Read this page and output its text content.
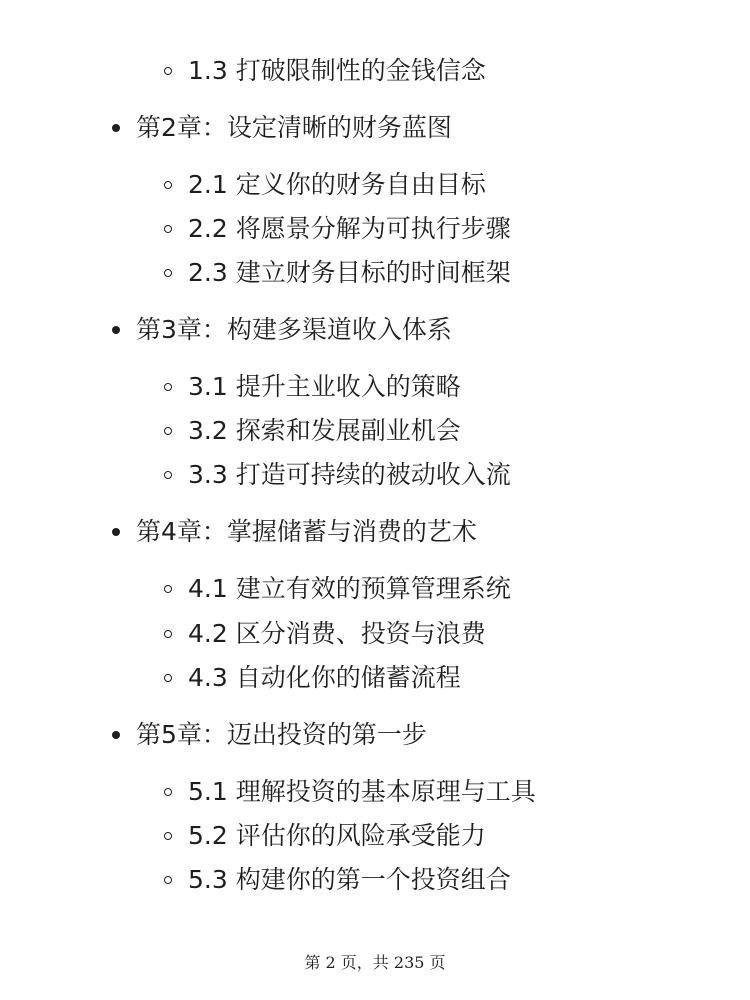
1.3 打破限制性的金钱信念
第2章：设定清晰的财务蓝图
2.1 定义你的财务自由目标
2.2 将愿景分解为可执行步骤
2.3 建立财务目标的时间框架
第3章：构建多渠道收入体系
3.1 提升主业收入的策略
3.2 探索和发展副业机会
3.3 打造可持续的被动收入流
第4章：掌握储蓄与消费的艺术
4.1 建立有效的预算管理系统
4.2 区分消费、投资与浪费
4.3 自动化你的储蓄流程
第5章：迈出投资的第一步
5.1 理解投资的基本原理与工具
5.2 评估你的风险承受能力
5.3 构建你的第一个投资组合
第 2 页，共 235 页
